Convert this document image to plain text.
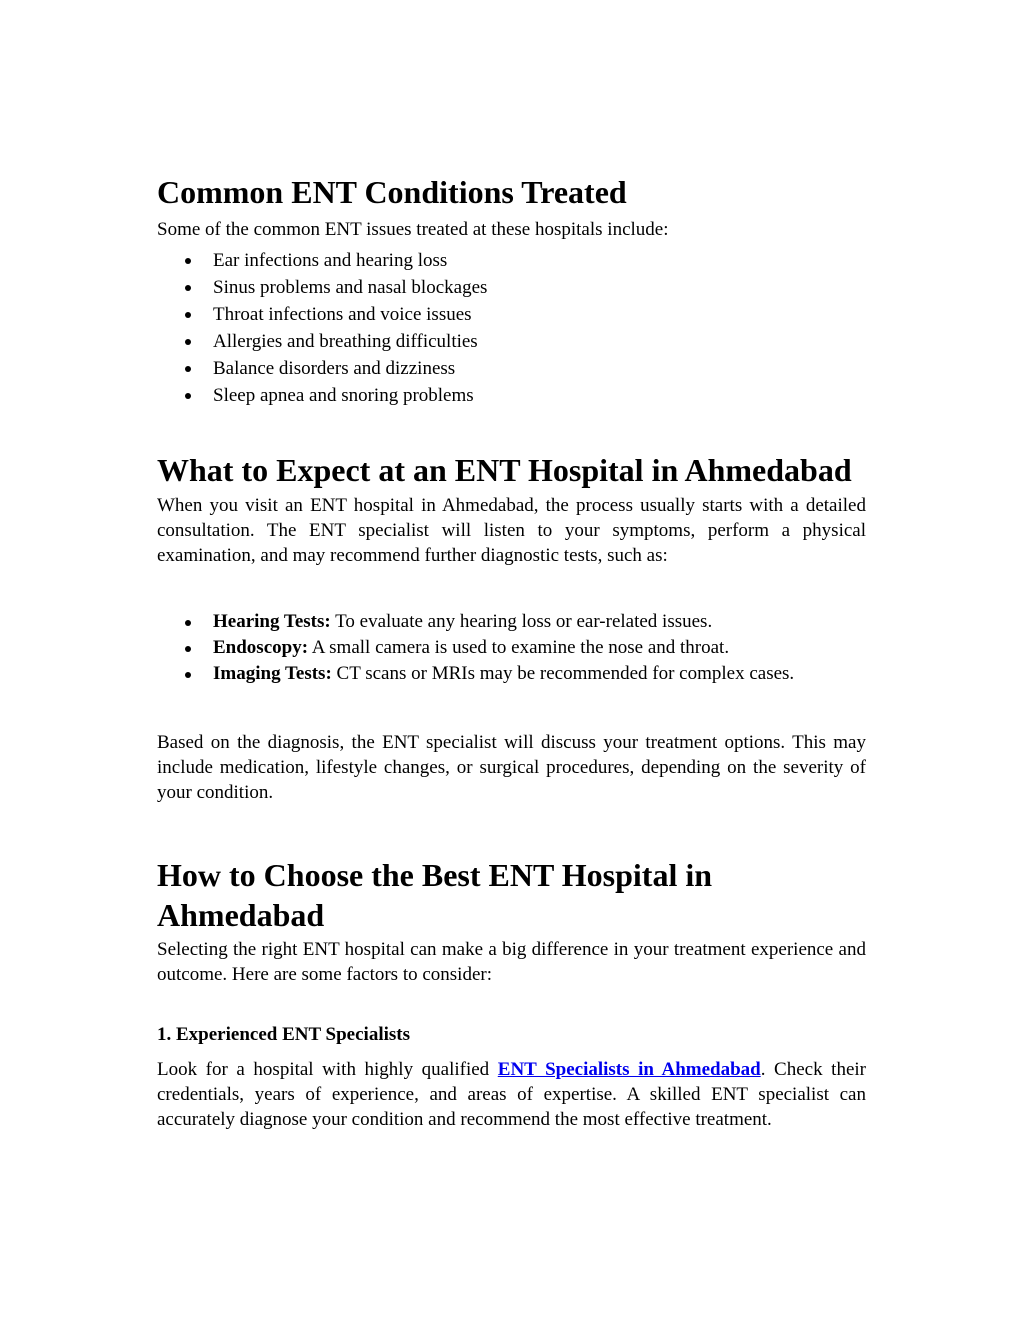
Common ENT Conditions Treated

Some of the common ENT issues treated at these hospitals include:

Ear infections and hearing loss
Sinus problems and nasal blockages
Throat infections and voice issues
Allergies and breathing difficulties
Balance disorders and dizziness
Sleep apnea and snoring problems
What to Expect at an ENT Hospital in Ahmedabad

When you visit an ENT hospital in Ahmedabad, the process usually starts with a detailed consultation. The ENT specialist will listen to your symptoms, perform a physical examination, and may recommend further diagnostic tests, such as:

Hearing Tests: To evaluate any hearing loss or ear-related issues.
Endoscopy: A small camera is used to examine the nose and throat.
Imaging Tests: CT scans or MRIs may be recommended for complex cases.

Based on the diagnosis, the ENT specialist will discuss your treatment options. This may include medication, lifestyle changes, or surgical procedures, depending on the severity of your condition.

How to Choose the Best ENT Hospital in Ahmedabad

Selecting the right ENT hospital can make a big difference in your treatment experience and outcome. Here are some factors to consider:

1. Experienced ENT Specialists

Look for a hospital with highly qualified ENT Specialists in Ahmedabad. Check their credentials, years of experience, and areas of expertise. A skilled ENT specialist can accurately diagnose your condition and recommend the most effective treatment.
